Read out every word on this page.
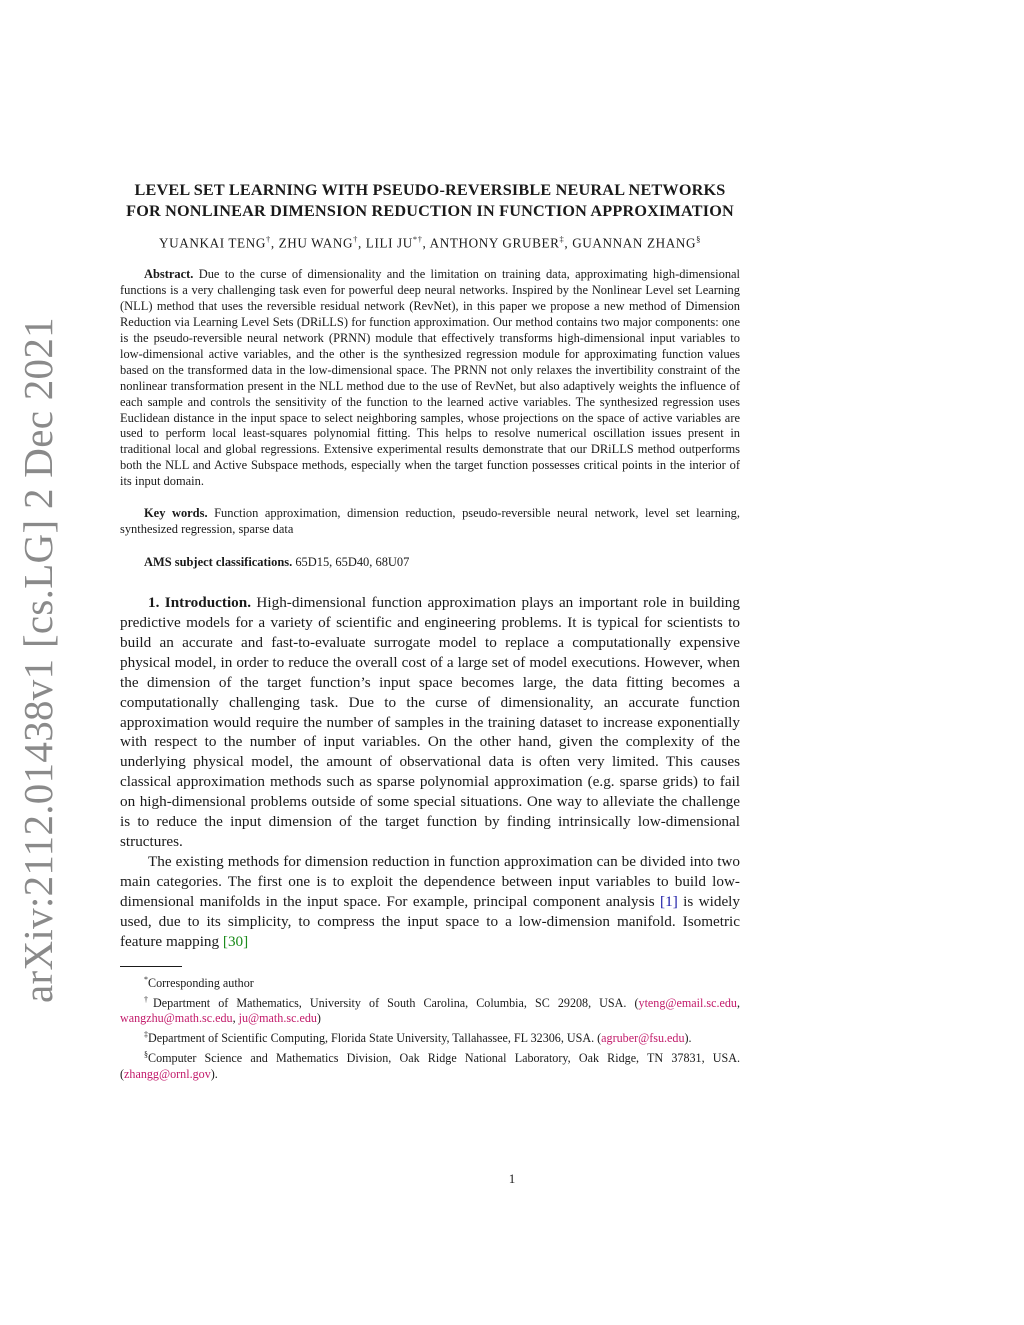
arXiv:2112.01438v1 [cs.LG] 2 Dec 2021
LEVEL SET LEARNING WITH PSEUDO-REVERSIBLE NEURAL NETWORKS FOR NONLINEAR DIMENSION REDUCTION IN FUNCTION APPROXIMATION
YUANKAI TENG†, ZHU WANG†, LILI JU*†, ANTHONY GRUBER‡, GUANNAN ZHANG§

Abstract. Due to the curse of dimensionality and the limitation on training data, approximating high-dimensional functions is a very challenging task even for powerful deep neural networks. Inspired by the Nonlinear Level set Learning (NLL) method that uses the reversible residual network (RevNet), in this paper we propose a new method of Dimension Reduction via Learning Level Sets (DRiLLS) for function approximation. Our method contains two major components: one is the pseudo-reversible neural network (PRNN) module that effectively transforms high-dimensional input variables to low-dimensional active variables, and the other is the synthesized regression module for approximating function values based on the transformed data in the low-dimensional space. The PRNN not only relaxes the invertibility constraint of the nonlinear transformation present in the NLL method due to the use of RevNet, but also adaptively weights the influence of each sample and controls the sensitivity of the function to the learned active variables. The synthesized regression uses Euclidean distance in the input space to select neighboring samples, whose projections on the space of active variables are used to perform local least-squares polynomial fitting. This helps to resolve numerical oscillation issues present in traditional local and global regressions. Extensive experimental results demonstrate that our DRiLLS method outperforms both the NLL and Active Subspace methods, especially when the target function possesses critical points in the interior of its input domain.

Key words. Function approximation, dimension reduction, pseudo-reversible neural network, level set learning, synthesized regression, sparse data

AMS subject classifications. 65D15, 65D40, 68U07

1. Introduction. High-dimensional function approximation plays an important role in building predictive models for a variety of scientific and engineering problems. It is typical for scientists to build an accurate and fast-to-evaluate surrogate model to replace a computationally expensive physical model, in order to reduce the overall cost of a large set of model executions. However, when the dimension of the target function’s input space becomes large, the data fitting becomes a computationally challenging task. Due to the curse of dimensionality, an accurate function approximation would require the number of samples in the training dataset to increase exponentially with respect to the number of input variables. On the other hand, given the complexity of the underlying physical model, the amount of observational data is often very limited. This causes classical approximation methods such as sparse polynomial approximation (e.g. sparse grids) to fail on high-dimensional problems outside of some special situations. One way to alleviate the challenge is to reduce the input dimension of the target function by finding intrinsically low-dimensional structures.

The existing methods for dimension reduction in function approximation can be divided into two main categories. The first one is to exploit the dependence between input variables to build low-dimensional manifolds in the input space. For example, principal component analysis [1] is widely used, due to its simplicity, to compress the input space to a low-dimension manifold. Isometric feature mapping [30]

*Corresponding author

†Department of Mathematics, University of South Carolina, Columbia, SC 29208, USA. (yteng@email.sc.edu, wangzhu@math.sc.edu, ju@math.sc.edu)

‡Department of Scientific Computing, Florida State University, Tallahassee, FL 32306, USA. (agruber@fsu.edu).

§Computer Science and Mathematics Division, Oak Ridge National Laboratory, Oak Ridge, TN 37831, USA. (zhangg@ornl.gov).

1
